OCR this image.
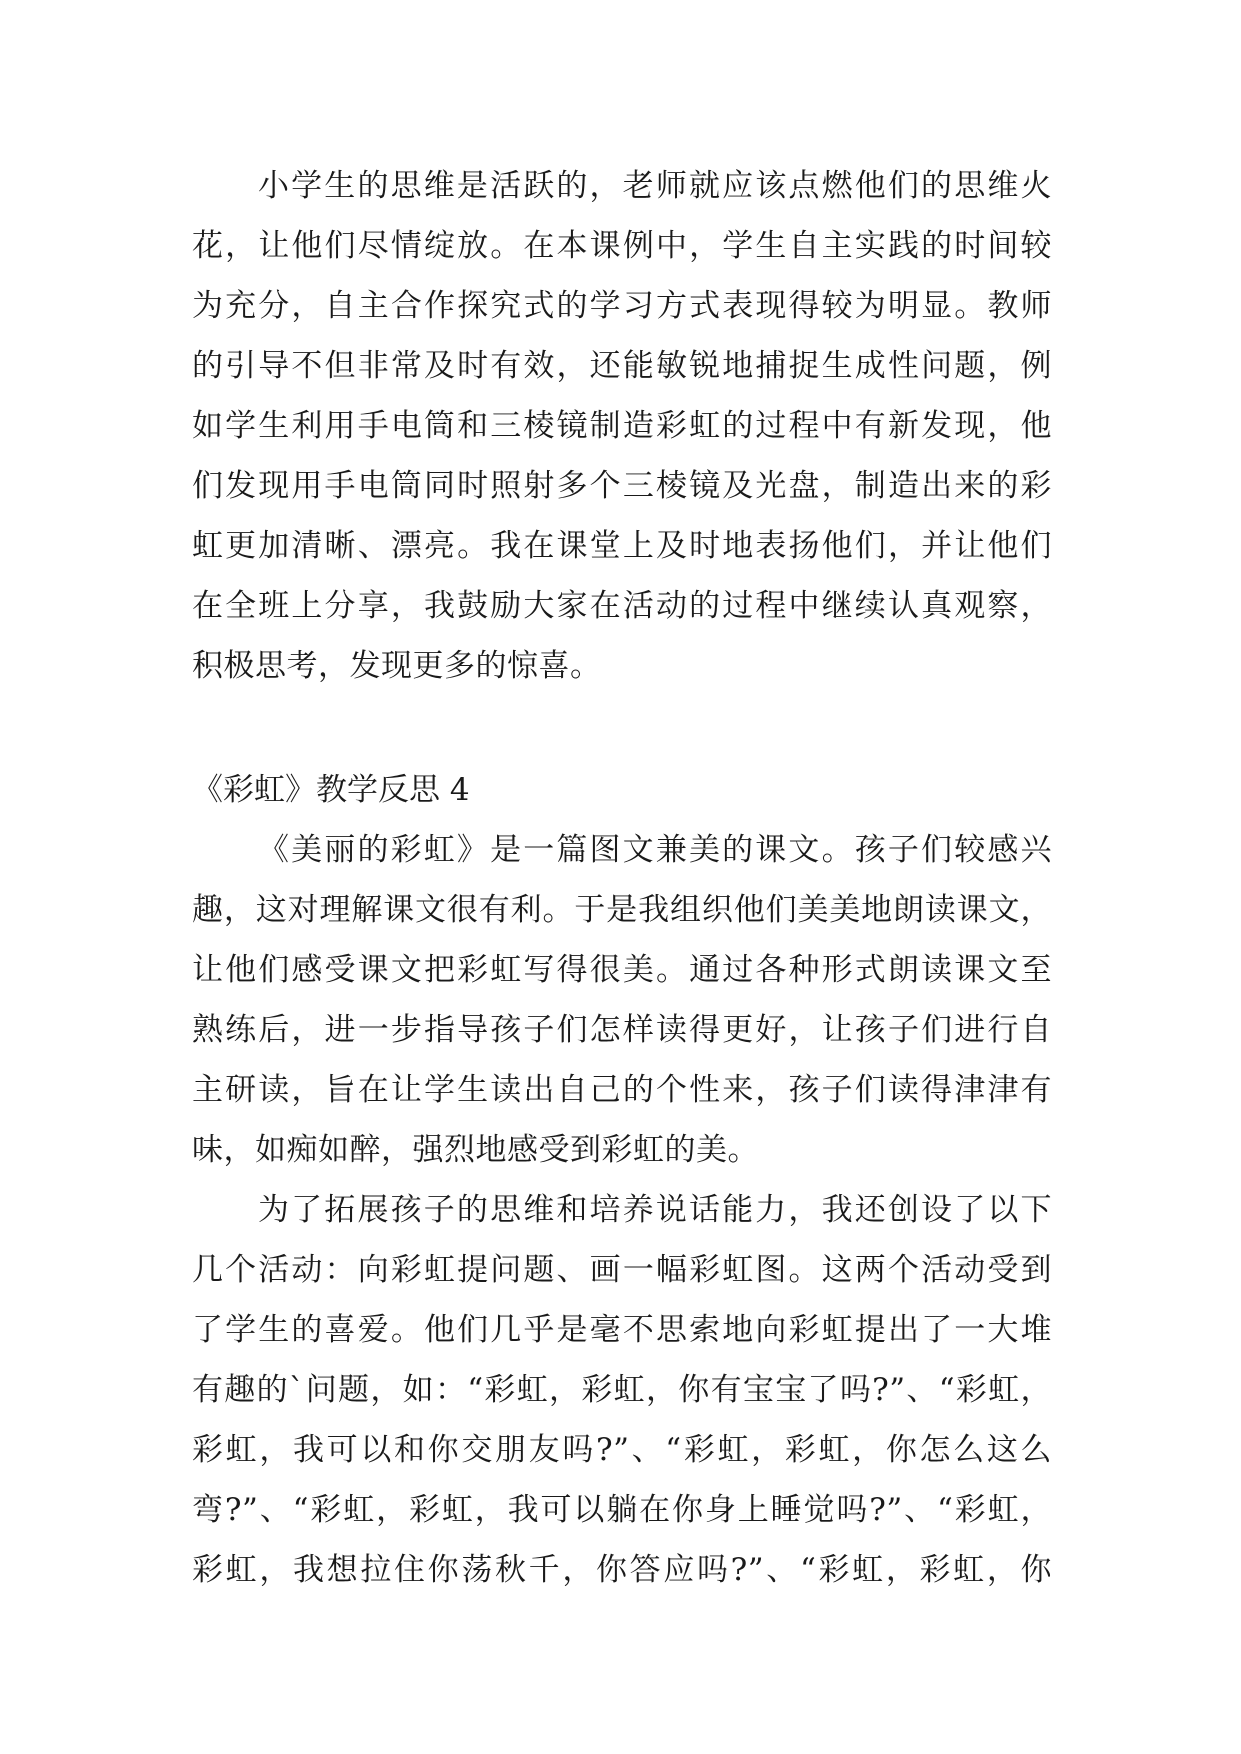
小学生的思维是活跃的，老师就应该点燃他们的思维火
花，让他们尽情绽放。在本课例中，学生自主实践的时间较
为充分，自主合作探究式的学习方式表现得较为明显。教师
的引导不但非常及时有效，还能敏锐地捕捉生成性问题，例
如学生利用手电筒和三棱镜制造彩虹的过程中有新发现，他
们发现用手电筒同时照射多个三棱镜及光盘，制造出来的彩
虹更加清晰、漂亮。我在课堂上及时地表扬他们，并让他们
在全班上分享，我鼓励大家在活动的过程中继续认真观察，
积极思考，发现更多的惊喜。
《彩虹》教学反思 4
《美丽的彩虹》是一篇图文兼美的课文。孩子们较感兴
趣，这对理解课文很有利。于是我组织他们美美地朗读课文，
让他们感受课文把彩虹写得很美。通过各种形式朗读课文至
熟练后，进一步指导孩子们怎样读得更好，让孩子们进行自
主研读，旨在让学生读出自己的个性来，孩子们读得津津有
味，如痴如醉，强烈地感受到彩虹的美。
为了拓展孩子的思维和培养说话能力，我还创设了以下
几个活动：向彩虹提问题、画一幅彩虹图。这两个活动受到
了学生的喜爱。他们几乎是毫不思索地向彩虹提出了一大堆
有趣的`问题，如：“彩虹，彩虹，你有宝宝了吗?”、“彩虹，
彩虹，我可以和你交朋友吗?”、“彩虹，彩虹，你怎么这么
弯?”、“彩虹，彩虹，我可以躺在你身上睡觉吗?”、“彩虹，
彩虹，我想拉住你荡秋千，你答应吗?”、“彩虹，彩虹，你
